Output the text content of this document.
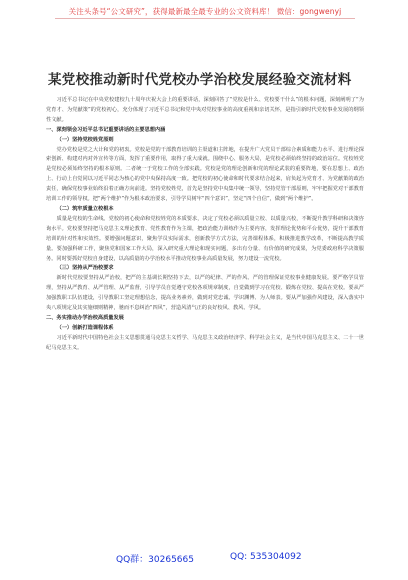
关注头条号“公文研究”，获得最新最全最专业的公文资料库！ 微信：gongwenyj
某党校推动新时代党校办学治校发展经验交流材料

习近平总书记在中央党校建校九十周年庆祝大会上的重要讲话，深刻回答了“党校是什么、党校要干什么”的根本问题，深刻阐明了“为党育才、为党献策”的党校初心，充分体现了习近平总书记和党中央对党校事业的高度重视和亲切关怀，是指引新时代党校事业发展的纲领性文献。

一、深刻领会习近平总书记重要讲话的主要思想内涵

（一）坚持党校姓党原则

党办党校是党之大计和党的初衷。党校是党的干部教育培训的主渠道和主阵地，在提升广大党员干部综合素质和能力水平、进行理论探索创新、构建对内对外宣传等方面，发挥了重要作用，取得了重大成就。围绕中心、服务大局，是党校必须始终坚持的政治站位。党校姓党是党校必须始终坚持的根本原则。二者统一于党校工作的全部实践。党校是党的理论创新和党的理论武装的重要阵地，要在思想上、政治上、行动上自觉同以习近平同志为核心的党中央保持高度一致。把党校的初心使命和时代要求结合起来，肩负起为党育才、为党献策的政治责任，确保党校事业始终沿着正确方向前进。坚持党校姓党，首先是坚持党中央集中统一领导，坚持党管干部原则，牢牢把握党对干部教育培训工作的领导权。把“两个维护”作为根本政治要求，引导学员树牢“四个意识”，坚定“四个自信”，做到“两个维护”。

（二）筑牢质量立校根本

质量是党校的生命线。党校的初心使命和党校姓党的本质要求，决定了党校必须以质量立校、以质量兴校，不断提升教学科研和决策咨询水平。党校要坚持把马克思主义理论教育、党性教育作为主课，把政治能力训练作为主要内容，发挥理论优势和平台优势，提升干部教育培训的针对性和实效性。要增强问题意识，聚焦学员实际需求，创新教学方式方法，完善课程体系，积极推进教学改革，不断提高教学质量。要加强科研工作，聚焦党和国家工作大局，深入研究重大理论和现实问题，多出有分量、有价值的研究成果，为党委政府科学决策服务。同时要抓好党校自身建设，以高质量的办学治校水平推动党校事业高质量发展，努力建设一流党校。

（三）坚持从严治校要求

新时代党校要坚持从严治校，把严的主基调长期坚持下去，以严的纪律、严的作风、严的管理保证党校事业健康发展。要严格学员管理，坚持从严教育、从严管理、从严监督，引导学员自觉遵守党校各项规章制度，自觉做到学习在党校、锻炼在党校、提高在党校。要从严加强教职工队伍建设，引导教职工坚定理想信念，提高业务素养，做到对党忠诚、学识渊博、为人师表。要从严加强作风建设，深入落实中央八项规定及其实施细则精神，驰而不息纠治“四风”，营造风清气正的良好校风、教风、学风。

二、务实推动办学治校高质量发展

（一）创新打造课程体系

习近平新时代中国特色社会主义思想贯通马克思主义哲学、马克思主义政治经济学、科学社会主义，是当代中国马克思主义、二十一世纪马克思主义。

QQ群：30265665	QQ: 535304092
